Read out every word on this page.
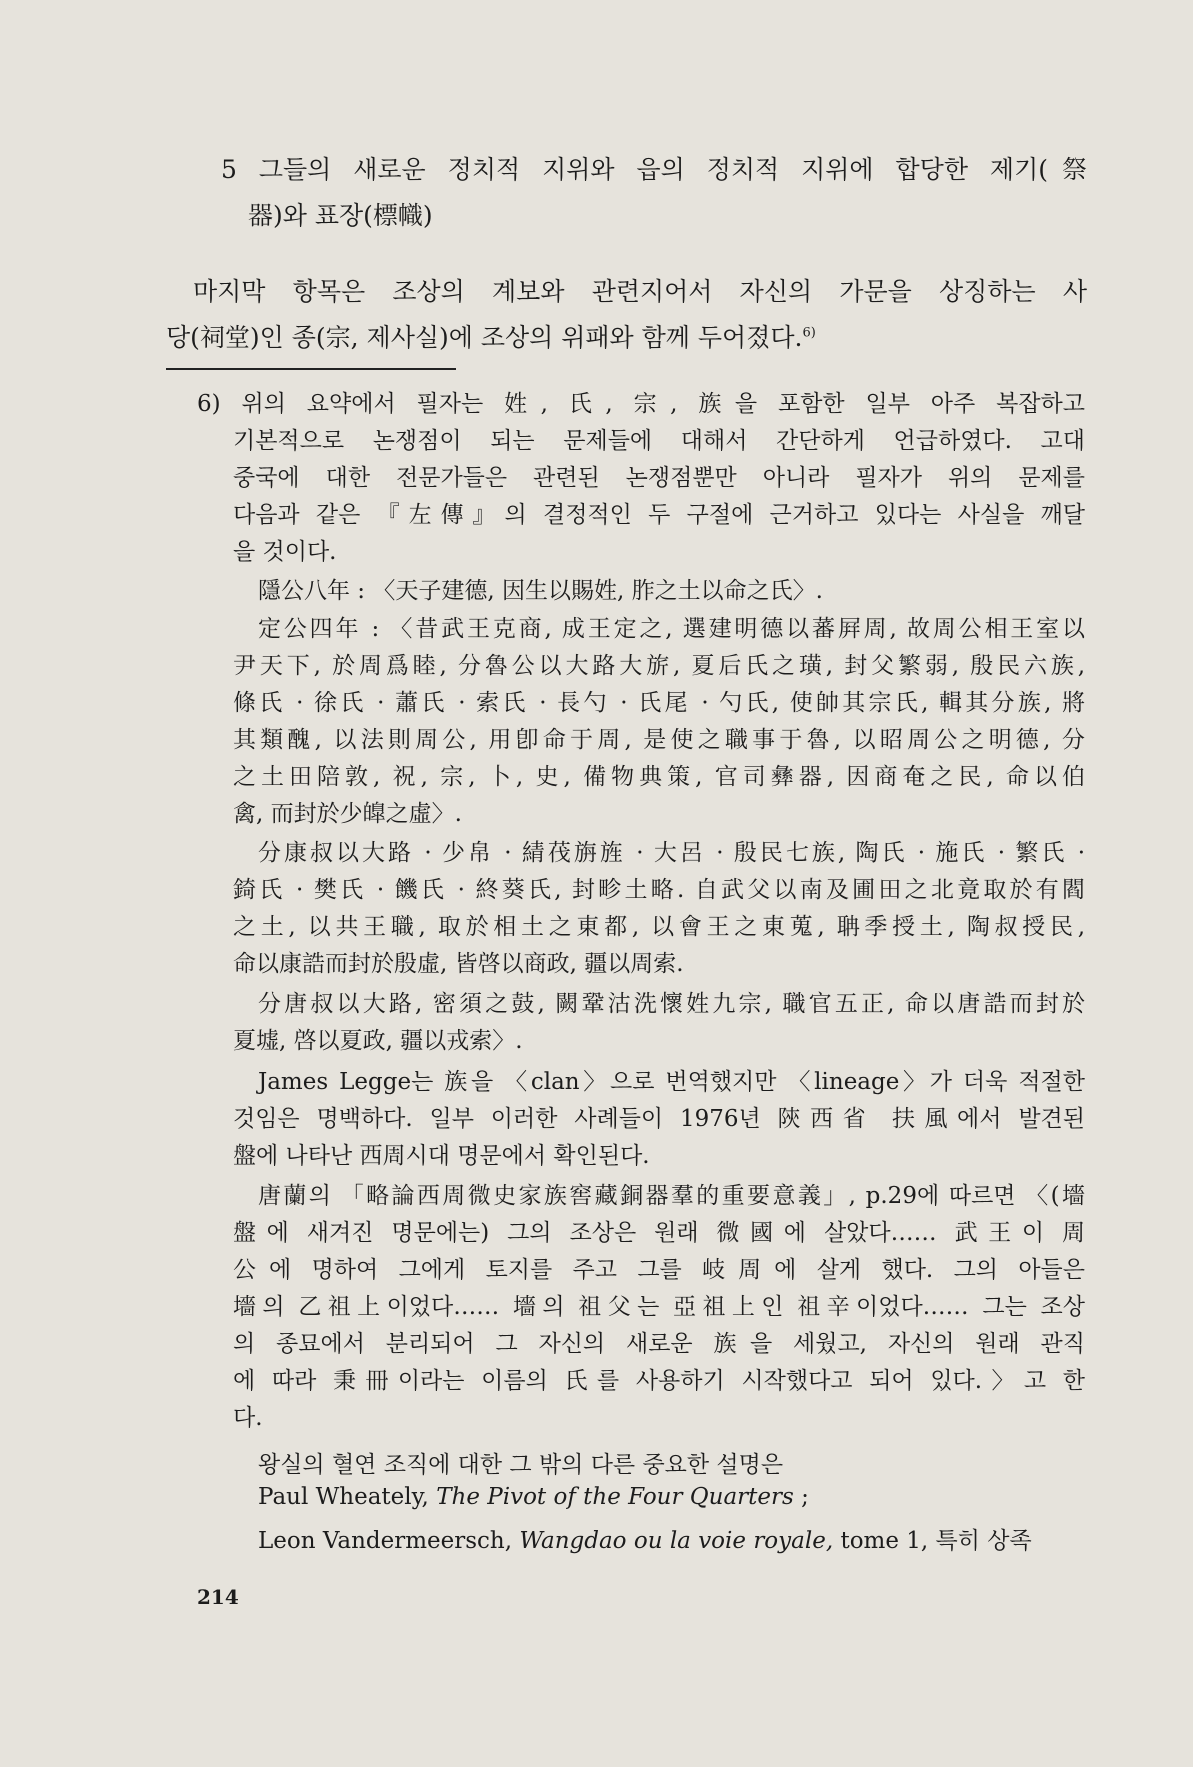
5 그들의 새로운 정치적 지위와 읍의 정치적 지위에 합당한 제기(祭
器)와 표장(標幟)
마지막 항목은 조상의 계보와 관련지어서 자신의 가문을 상징하는 사
당(祠堂)인 종(宗, 제사실)에 조상의 위패와 함께 두어졌다.$^{6)}$
6) 위의 요약에서 필자는 姓, 氏, 宗, 族을 포함한 일부 아주 복잡하고
기본적으로 논쟁점이 되는 문제들에 대해서 간단하게 언급하였다. 고대
중국에 대한 전문가들은 관련된 논쟁점뿐만 아니라 필자가 위의 문제를
다음과 같은 『左傳』의 결정적인 두 구절에 근거하고 있다는 사실을 깨달
을 것이다.
隱公八年 : 〈天子建德, 因生以賜姓, 胙之土以命之氏〉.
定公四年 : 〈昔武王克商, 成王定之, 選建明德以蕃屛周, 故周公相王室以
尹天下, 於周爲睦, 分魯公以大路大旂, 夏后氏之璜, 封父繁弱, 殷民六族,
條氏 · 徐氏 · 蕭氏 · 索氏 · 長勺 · 氏尾 · 勺氏, 使帥其宗氏, 輯其分族, 將
其類醜, 以法則周公, 用卽命于周, 是使之職事于魯, 以昭周公之明德, 分
之土田陪敦, 祝, 宗, 卜, 史, 備物典策, 官司彝器, 因商奄之民, 命以伯
禽, 而封於少皥之虛〉.
分康叔以大路 · 少帛 · 綪茷旃旌 · 大呂 · 殷民七族, 陶氏 · 施氏 · 繁氏 ·
錡氏 · 樊氏 · 饑氏 · 終葵氏, 封畛土略. 自武父以南及圃田之北竟取於有閻
之土, 以共王職, 取於相土之東都, 以會王之東蒐, 聃季授土, 陶叔授民,
命以康誥而封於殷虛, 皆啓以商政, 疆以周索.
分唐叔以大路, 密須之鼓, 闕鞏沽洗懷姓九宗, 職官五正, 命以唐誥而封於
夏墟, 啓以夏政, 疆以戎索〉.
James Legge는 族을 〈clan〉으로 번역했지만 〈lineage〉가 더욱 적절한
것임은 명백하다. 일부 이러한 사례들이 1976년 陝西省 扶風에서 발견된
盤에 나타난 西周시대 명문에서 확인된다.
唐蘭의 「略論西周微史家族窖藏銅器羣的重要意義」, p.29에 따르면 〈(墻
盤에 새겨진 명문에는) 그의 조상은 원래 微國에 살았다…… 武王이 周
公에 명하여 그에게 토지를 주고 그를 岐周에 살게 했다. 그의 아들은
墻의 乙祖上이었다…… 墻의 祖父는 亞祖上인 祖辛이었다…… 그는 조상
의 종묘에서 분리되어 그 자신의 새로운 族을 세웠고, 자신의 원래 관직
에 따라 秉冊이라는 이름의 氏를 사용하기 시작했다고 되어 있다.〉고 한
다.
왕실의 혈연 조직에 대한 그 밖의 다른 중요한 설명은
Paul Wheately, The Pivot of the Four Quarters ;
Leon Vandermeersch, Wangdao ou la voie royale, tome 1, 특히 상족
214
